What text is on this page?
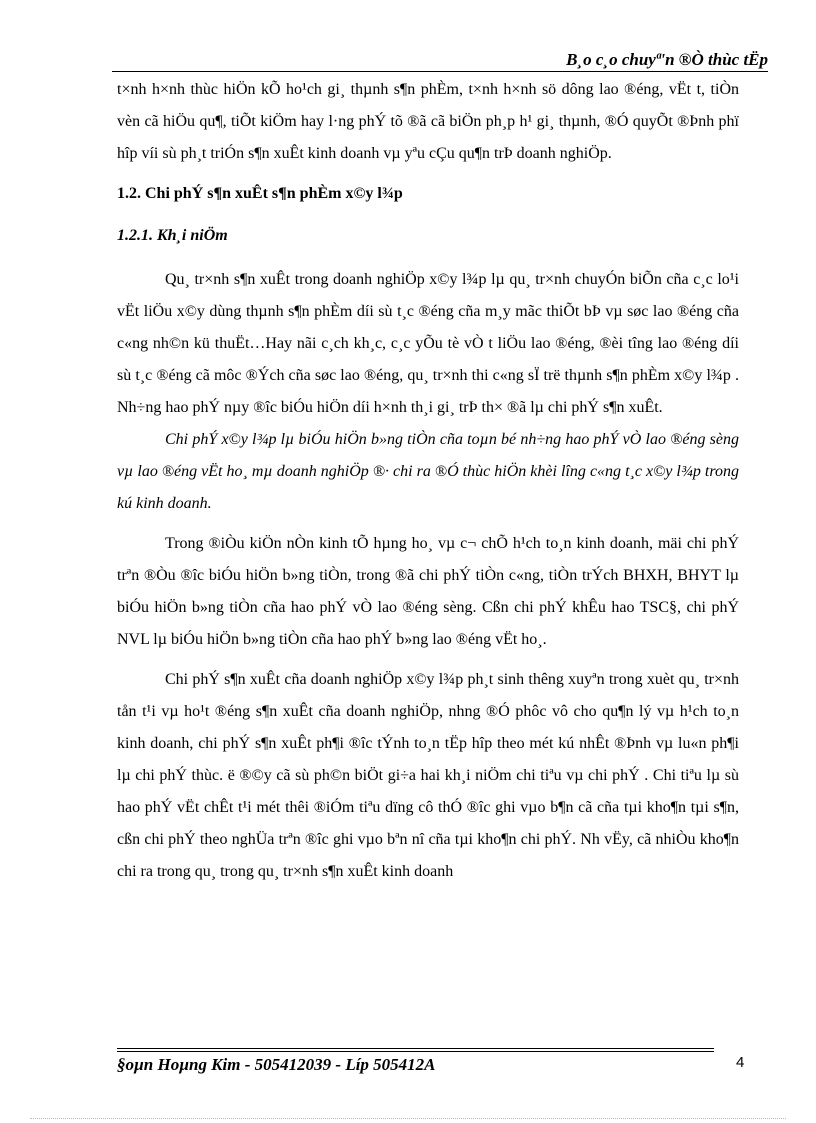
B¸o c¸o chuyª'n ®Ò thùc tËp

t×nh h×nh thùc hiÖn kÕ ho¹ch gi¸ thµnh s¶n phÈm, t×nh h×nh sö dông lao ®éng, vËt t, tiÒn vèn cã hiÖu qu¶, tiÕt kiÖm hay l·ng phÝ tõ ®ã cã biÖn ph¸p h¹ gi¸ thµnh, ®Ó quyÕt ®Þnh phï hîp víi sù ph¸t triÓn s¶n xuÊt kinh doanh vµ yªu cÇu qu¶n trÞ doanh nghiÖp.

1.2. Chi phÝ s¶n xuÊt s¶n phÈm x©y l¾p
1.2.1. Kh¸i niÖm

Qu¸ tr×nh s¶n xuÊt trong doanh nghiÖp x©y l¾p lµ qu¸ tr×nh chuyÓn biÕn cña c¸c lo¹i vËt liÖu x©y dùng thµnh s¶n phÈm díi sù t¸c ®éng cña m¸y mãc thiÕt bÞ vµ søc lao ®éng cña c«ng nh©n kü thuËt…Hay nãi c¸ch kh¸c, c¸c yÕu tè vÒ t liÖu lao ®éng, ®èi tîng lao ®éng díi sù t¸c ®éng cã môc ®Ých cña søc lao ®éng, qu¸ tr×nh thi c«ng sÏ trë thµnh s¶n phÈm x©y l¾p . Nh÷ng hao phÝ nµy ®îc biÓu hiÖn díi h×nh th¸i gi¸ trÞ th× ®ã lµ chi phÝ s¶n xuÊt.

Chi phÝ x©y l¾p lµ biÓu hiÖn b»ng tiÒn cña toµn bé nh÷ng hao phÝ vÒ lao ®éng sèng vµ lao ®éng vËt ho¸ mµ doanh nghiÖp ®· chi ra ®Ó thùc hiÖn khèi lîng c«ng t¸c x©y l¾p trong kú kinh doanh.

Trong ®iÒu kiÖn nÒn kinh tÕ hµng ho¸ vµ c¬ chÕ h¹ch to¸n kinh doanh, mäi chi phÝ trªn ®Òu ®îc biÓu hiÖn b»ng tiÒn, trong ®ã chi phÝ tiÒn c«ng, tiÒn trÝch BHXH, BHYT lµ biÓu hiÖn b»ng tiÒn cña hao phÝ vÒ lao ®éng sèng. Cßn chi phÝ khÊu hao TSC§, chi phÝ NVL lµ biÓu hiÖn b»ng tiÒn cña hao phÝ b»ng lao ®éng vËt ho¸.

Chi phÝ s¶n xuÊt cña doanh nghiÖp x©y l¾p ph¸t sinh thêng xuyªn trong xuèt qu¸ tr×nh tån t¹i vµ ho¹t ®éng s¶n xuÊt cña doanh nghiÖp, nhng ®Ó phôc vô cho qu¶n lý vµ h¹ch to¸n kinh doanh, chi phÝ s¶n xuÊt ph¶i ®îc tÝnh to¸n tËp hîp theo mét kú nhÊt ®Þnh vµ lu«n ph¶i lµ chi phÝ thùc. ë ®©y cã sù ph©n biÖt gi÷a hai kh¸i niÖm chi tiªu vµ chi phÝ . Chi tiªu lµ sù hao phÝ vËt chÊt t¹i mét thêi ®iÓm tiªu dïng cô thÓ ®îc ghi vµo b¶n cã cña tµi kho¶n tµi s¶n, cßn chi phÝ theo nghÜa trªn ®îc ghi vµo bªn nî cña tµi kho¶n chi phÝ. Nh vËy, cã nhiÒu kho¶n chi ra trong qu¸ trong qu¸ tr×nh s¶n xuÊt kinh doanh

§oµn Hoµng Kim - 505412039 - Líp 505412A	4
